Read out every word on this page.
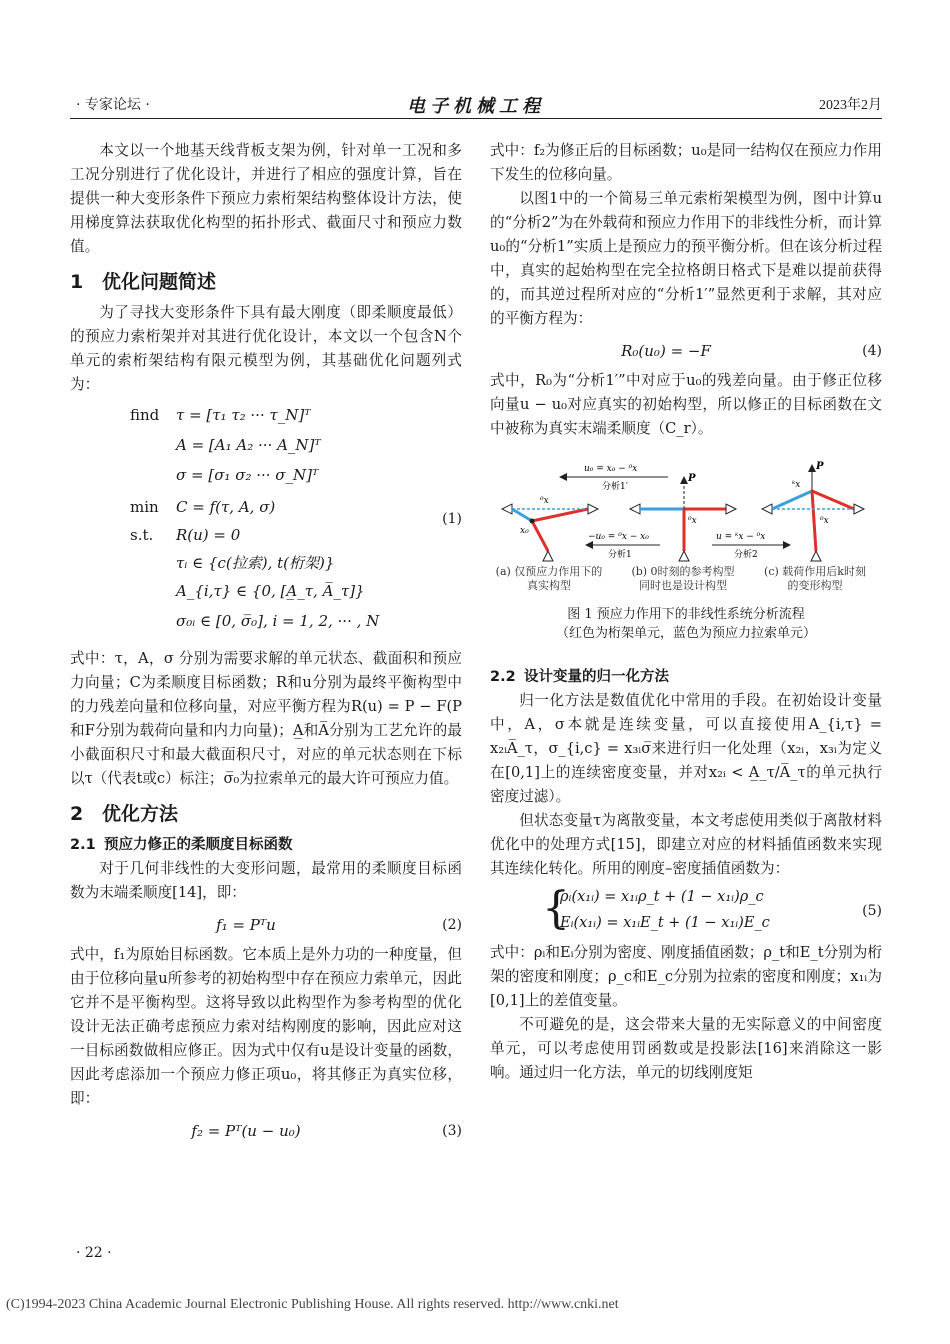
· 专家论坛 ·	电子机械工程	2023年2月

本文以一个地基天线背板支架为例，针对单一工况和多工况分别进行了优化设计，并进行了相应的强度计算，旨在提供一种大变形条件下预应力索桁架结构整体设计方法，使用梯度算法获取优化构型的拓扑形式、截面尺寸和预应力数值。

1 优化问题简述

为了寻找大变形条件下具有最大刚度（即柔顺度最低）的预应力索桁架并对其进行优化设计，本文以一个包含N个单元的索桁架结构有限元模型为例，其基础优化问题列式为：

find	τ = [τ₁ τ₂ ··· τ_N]ᵀ
A = [A₁ A₂ ··· A_N]ᵀ
σ = [σ₁ σ₂ ··· σ_N]ᵀ
min	C = f(τ, A, σ)
s.t.	R(u) = 0
τᵢ ∈ {c(拉索), t(桁架)}
A_{i,τ} ∈ {0, [A̲_τ, A̅_τ]}
σ₀ᵢ ∈ [0, σ̅₀], i = 1, 2, ··· , N
(1)

式中：τ，A，σ 分别为需要求解的单元状态、截面积和预应力向量；C为柔顺度目标函数；R和u分别为最终平衡构型中的力残差向量和位移向量，对应平衡方程为R(u) = P − F(P和F分别为载荷向量和内力向量)；A̲和A̅分别为工艺允许的最小截面积尺寸和最大截面积尺寸，对应的单元状态则在下标以τ（代表t或c）标注；σ̅₀为拉索单元的最大许可预应力值。

2 优化方法
2.1 预应力修正的柔顺度目标函数

对于几何非线性的大变形问题，最常用的柔顺度目标函数为末端柔顺度[14]，即：

f₁ = Pᵀu	(2)

式中，f₁为原始目标函数。它本质上是外力功的一种度量，但由于位移向量u所参考的初始构型中存在预应力索单元，因此它并不是平衡构型。这将导致以此构型作为参考构型的优化设计无法正确考虑预应力索对结构刚度的影响，因此应对这一目标函数做相应修正。因为式中仅有u是设计变量的函数，因此考虑添加一个预应力修正项u₀，将其修正为真实位移，即：

f₂ = Pᵀ(u − u₀)	(3)

式中：f₂为修正后的目标函数；u₀是同一结构仅在预应力作用下发生的位移向量。

以图1中的一个简易三单元索桁架模型为例，图中计算u的“分析2”为在外载荷和预应力作用下的非线性分析，而计算u₀的“分析1”实质上是预应力的预平衡分析。但在该分析过程中，真实的起始构型在完全拉格朗日格式下是难以提前获得的，而其逆过程所对应的“分析1′”显然更利于求解，其对应的平衡方程为：

R₀(u₀) = −F	(4)

式中，R₀为“分析1′”中对应于u₀的残差向量。由于修正位移向量u − u₀对应真实的初始构型，所以修正的目标函数在文中被称为真实末端柔顺度（C_r）。

x₀
⁰x
u₀ = x₀ − ⁰x
分析1′
P
⁰x
P
ᵏx
⁰x
−u₀ = ⁰x − x₀
分析1
u = ᵏx − ⁰x
分析2
(a) 仅预应力作用下的真实构型
(b) 0时刻的参考构型同时也是设计构型
(c) 载荷作用后k时刻的变形构型
图 1 预应力作用下的非线性系统分析流程
（红色为桁架单元，蓝色为预应力拉索单元）
2.2 设计变量的归一化方法

归一化方法是数值优化中常用的手段。在初始设计变量中，A，σ本就是连续变量，可以直接使用A_{i,τ} = x₂ᵢA̅_τ，σ_{i,c} = x₃ᵢσ̅来进行归一化处理（x₂ᵢ，x₃ᵢ为定义在[0,1]上的连续密度变量，并对x₂ᵢ < A̲_τ/A̅_τ的单元执行密度过滤）。

但状态变量τ为离散变量，本文考虑使用类似于离散材料优化中的处理方式[15]，即建立对应的材料插值函数来实现其连续化转化。所用的刚度–密度插值函数为：

{
ρᵢ(x₁ᵢ) = x₁ᵢρ_t + (1 − x₁ᵢ)ρ_c
Eᵢ(x₁ᵢ) = x₁ᵢE_t + (1 − x₁ᵢ)E_c
(5)

式中：ρᵢ和Eᵢ分别为密度、刚度插值函数；ρ_t和E_t分别为桁架的密度和刚度；ρ_c和E_c分别为拉索的密度和刚度；x₁ᵢ为[0,1]上的差值变量。

不可避免的是，这会带来大量的无实际意义的中间密度单元，可以考虑使用罚函数或是投影法[16]来消除这一影响。通过归一化方法，单元的切线刚度矩

· 22 ·
(C)1994-2023 China Academic Journal Electronic Publishing House. All rights reserved. http://www.cnki.net
